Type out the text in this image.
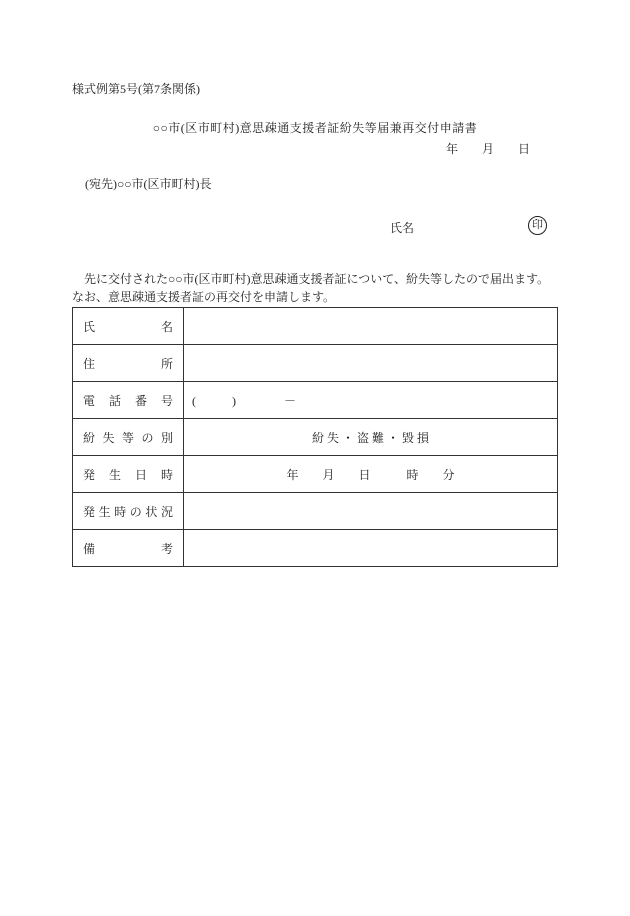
様式例第5号(第7条関係)
○○市(区市町村)意思疎通支援者証紛失等届兼再交付申請書
年　　月　　日
(宛先)○○市(区市町村)長
氏名	印
　先に交付された○○市(区市町村)意思疎通支援者証について、紛失等したので届出ます。
なお、意思疎通支援者証の再交付を申請します。
氏 名	
住 所	
電 話 番 号	(　　　)　　　　－
紛 失 等 の 別	紛 失 ・ 盗 難 ・ 毀 損
発 生 日 時	年　　月　　日　　　時　　分
発 生 時 の 状 況	
備 考	
